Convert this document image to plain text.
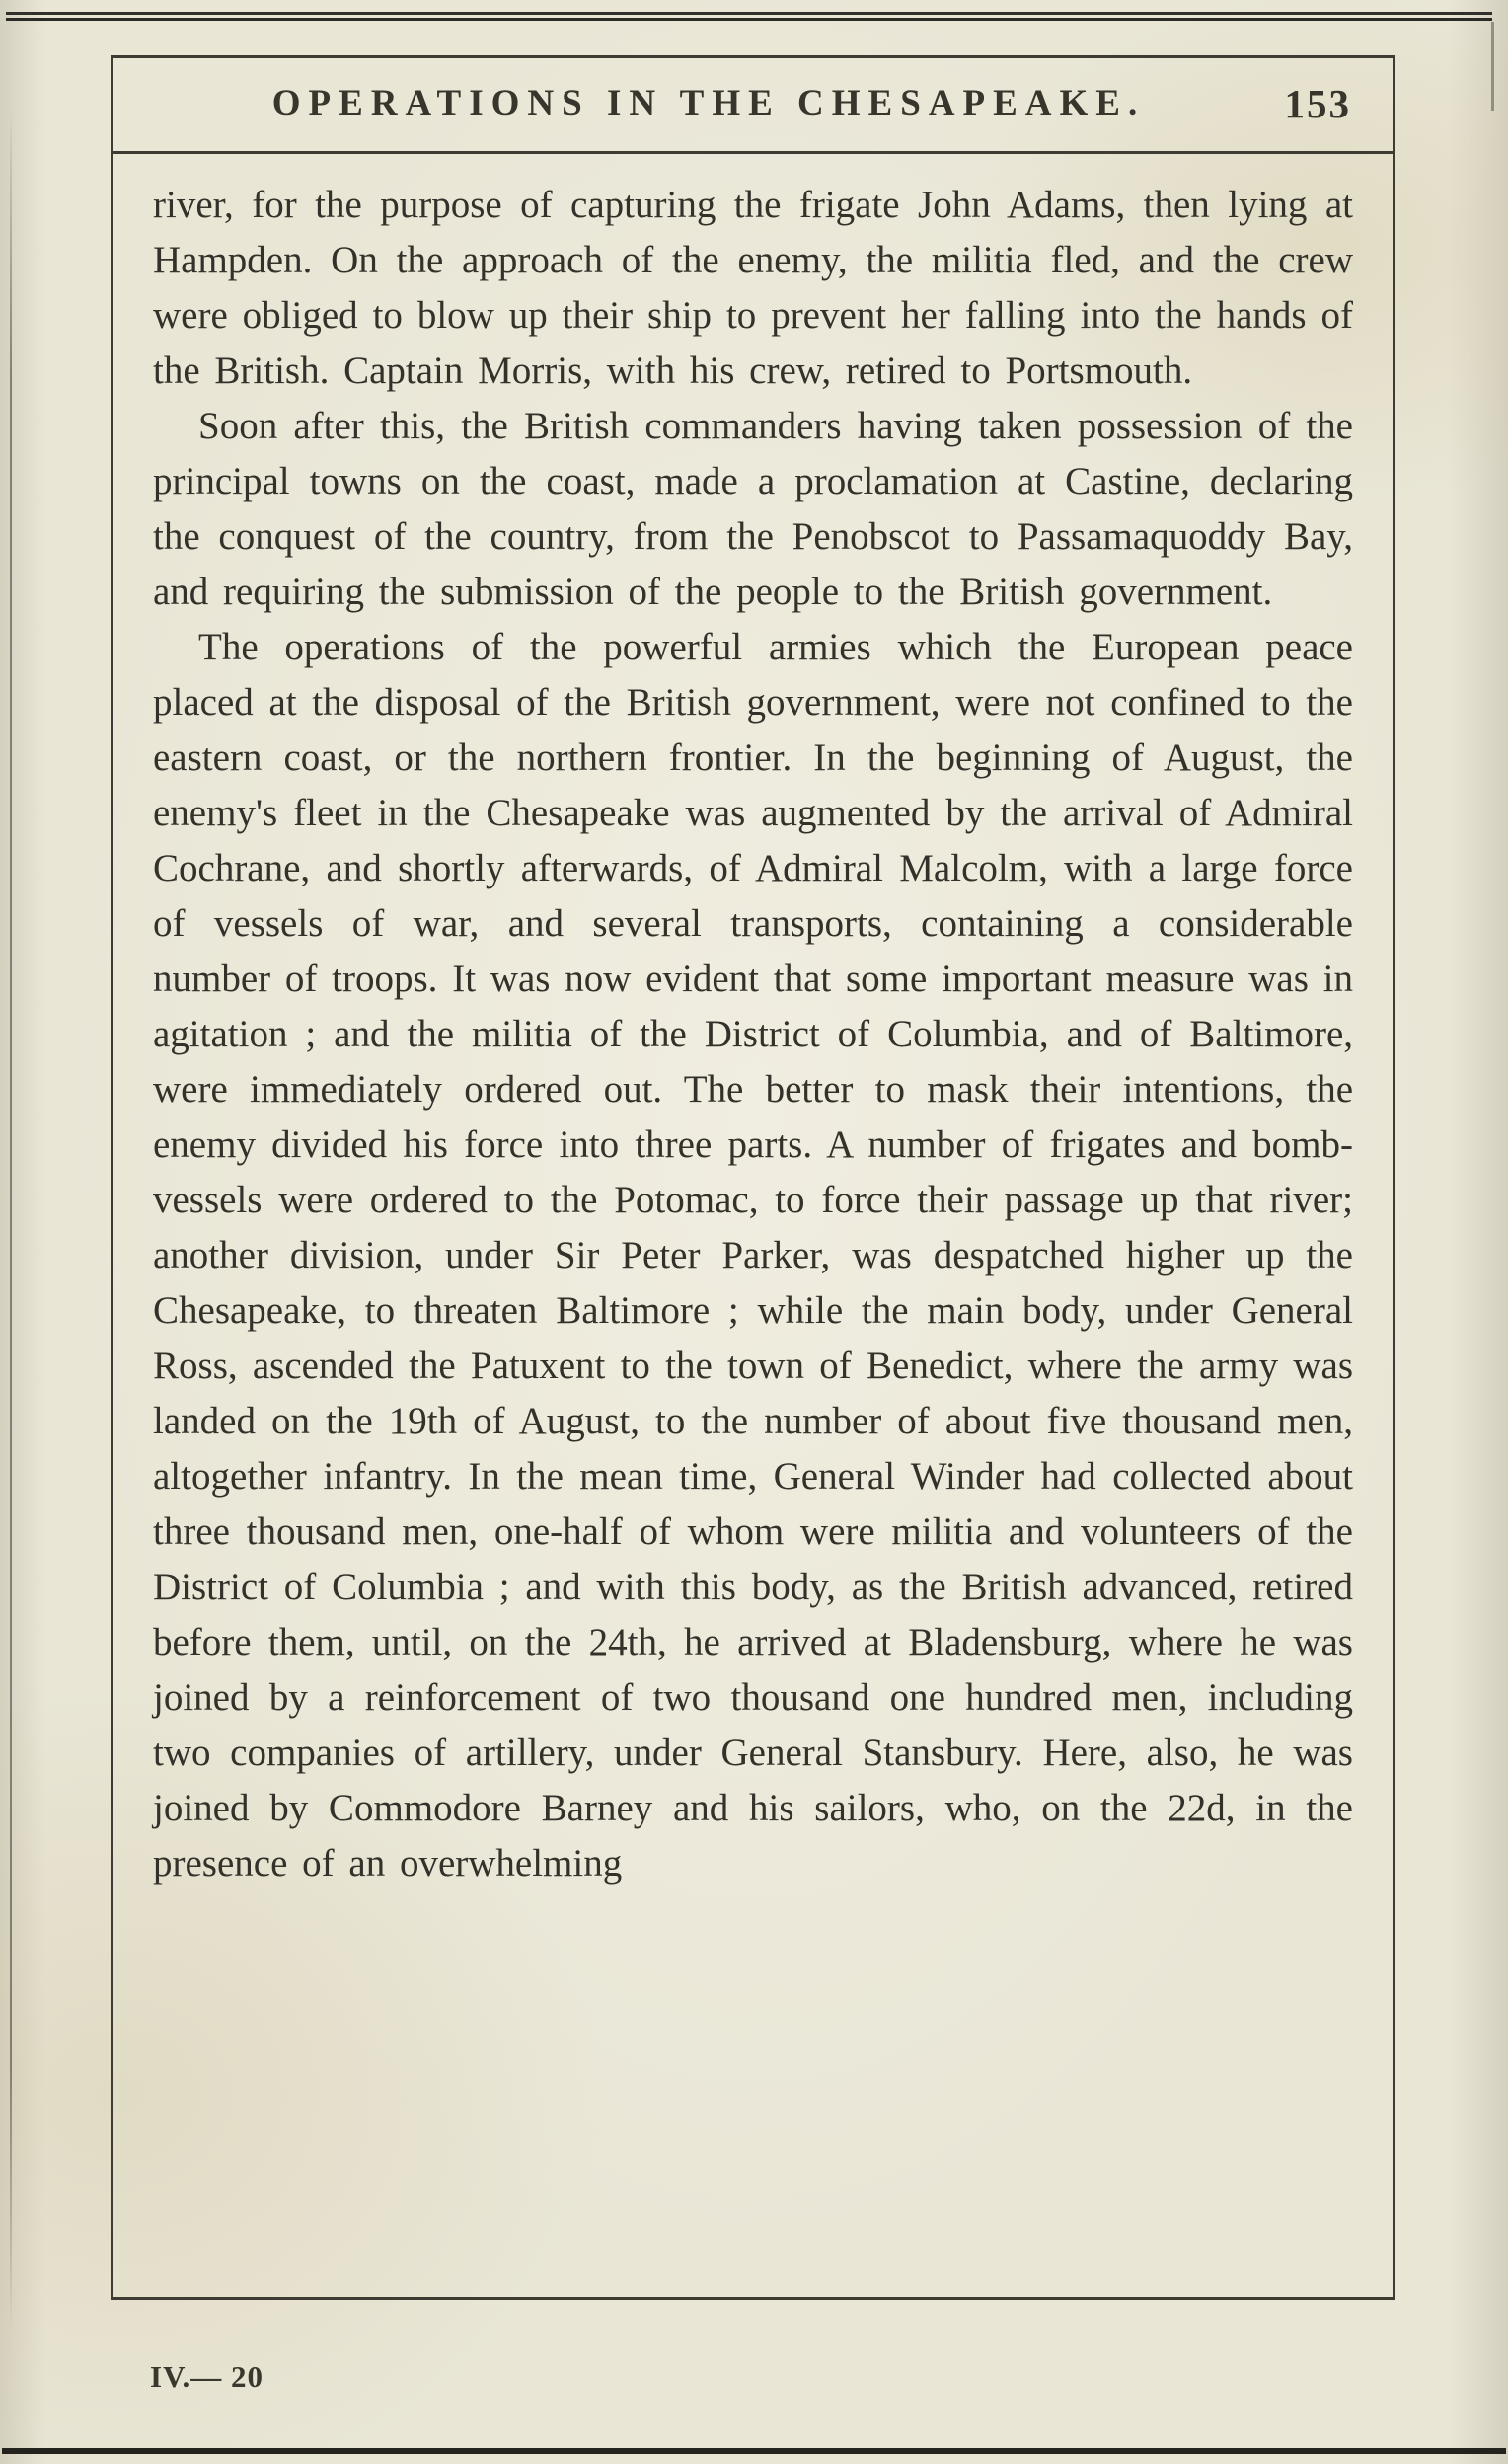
OPERATIONS IN THE CHESAPEAKE.	153

river, for the purpose of capturing the frigate John Adams, then lying at Hampden. On the approach of the enemy, the militia fled, and the crew were obliged to blow up their ship to prevent her falling into the hands of the British. Captain Morris, with his crew, retired to Portsmouth.

Soon after this, the British commanders having taken possession of the principal towns on the coast, made a proclamation at Castine, declaring the conquest of the country, from the Penobscot to Passamaquoddy Bay, and requiring the submission of the people to the British government.

The operations of the powerful armies which the European peace placed at the disposal of the British government, were not confined to the eastern coast, or the northern frontier. In the beginning of August, the enemy's fleet in the Chesapeake was augmented by the arrival of Admiral Cochrane, and shortly afterwards, of Admiral Malcolm, with a large force of vessels of war, and several transports, containing a considerable number of troops. It was now evident that some important measure was in agitation ; and the militia of the District of Columbia, and of Baltimore, were immediately ordered out. The better to mask their intentions, the enemy divided his force into three parts. A number of frigates and bomb-vessels were ordered to the Potomac, to force their passage up that river; another division, under Sir Peter Parker, was despatched higher up the Chesapeake, to threaten Baltimore ; while the main body, under General Ross, ascended the Patuxent to the town of Benedict, where the army was landed on the 19th of August, to the number of about five thousand men, altogether infantry. In the mean time, General Winder had collected about three thousand men, one-half of whom were militia and volunteers of the District of Columbia ; and with this body, as the British advanced, retired before them, until, on the 24th, he arrived at Bladensburg, where he was joined by a reinforcement of two thousand one hundred men, including two companies of artillery, under General Stansbury. Here, also, he was joined by Commodore Barney and his sailors, who, on the 22d, in the presence of an overwhelming

IV.— 20
